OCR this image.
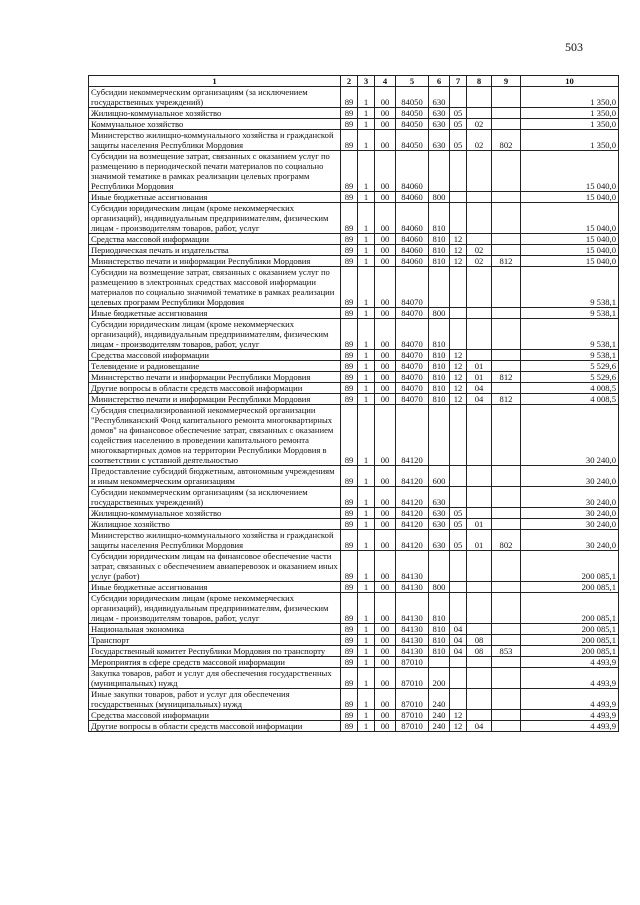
503
1	2	3	4	5	6	7	8	9	10
Субсидии некоммерческим организациям (за исключением государственных учреждений)	89	1	00	84050	630				1 350,0
Жилищно-коммунальное хозяйство	89	1	00	84050	630	05			1 350,0
Коммунальное хозяйство	89	1	00	84050	630	05	02		1 350,0
Министерство жилищно-коммунального хозяйства и гражданской защиты населения Республики Мордовия	89	1	00	84050	630	05	02	802	1 350,0
Субсидии на возмещение затрат, связанных с оказанием услуг по размещению в периодической печати материалов по социально значимой тематике в рамках реализации целевых программ Республики Мордовия	89	1	00	84060					15 040,0
Иные бюджетные ассигнования	89	1	00	84060	800				15 040,0
Субсидии юридическим лицам (кроме некоммерческих организаций), индивидуальным предпринимателям, физическим лицам - производителям товаров, работ, услуг	89	1	00	84060	810				15 040,0
Средства массовой информации	89	1	00	84060	810	12			15 040,0
Периодическая печать и издательства	89	1	00	84060	810	12	02		15 040,0
Министерство печати и информации Республики Мордовия	89	1	00	84060	810	12	02	812	15 040,0
Субсидии на возмещение затрат, связанных с оказанием услуг по размещению в электронных средствах массовой информации материалов по социально значимой тематике в рамках реализации целевых программ Республики Мордовия	89	1	00	84070					9 538,1
Иные бюджетные ассигнования	89	1	00	84070	800				9 538,1
Субсидии юридическим лицам (кроме некоммерческих организаций), индивидуальным предпринимателям, физическим лицам - производителям товаров, работ, услуг	89	1	00	84070	810				9 538,1
Средства массовой информации	89	1	00	84070	810	12			9 538,1
Телевидение и радиовещание	89	1	00	84070	810	12	01		5 529,6
Министерство печати и информации Республики Мордовия	89	1	00	84070	810	12	01	812	5 529,6
Другие вопросы в области средств массовой информации	89	1	00	84070	810	12	04		4 008,5
Министерство печати и информации Республики Мордовия	89	1	00	84070	810	12	04	812	4 008,5
Субсидия специализированной некоммерческой организации "Республиканский Фонд капитального ремонта многоквартирных домов" на финансовое обеспечение затрат, связанных с оказанием содействия населению в проведении капитального ремонта многоквартирных домов на территории Республики Мордовия в соответствии с уставной деятельностью	89	1	00	84120					30 240,0
Предоставление субсидий бюджетным, автономным учреждениям и иным некоммерческим организациям	89	1	00	84120	600				30 240,0
Субсидии некоммерческим организациям (за исключением государственных учреждений)	89	1	00	84120	630				30 240,0
Жилищно-коммунальное хозяйство	89	1	00	84120	630	05			30 240,0
Жилищное хозяйство	89	1	00	84120	630	05	01		30 240,0
Министерство жилищно-коммунального хозяйства и гражданской защиты населения Республики Мордовия	89	1	00	84120	630	05	01	802	30 240,0
Субсидии юридическим лицам на финансовое обеспечение части затрат, связанных с обеспечением авиаперевозок и оказанием иных услуг (работ)	89	1	00	84130					200 085,1
Иные бюджетные ассигнования	89	1	00	84130	800				200 085,1
Субсидии юридическим лицам (кроме некоммерческих организаций), индивидуальным предпринимателям, физическим лицам - производителям товаров, работ, услуг	89	1	00	84130	810				200 085,1
Национальная экономика	89	1	00	84130	810	04			200 085,1
Транспорт	89	1	00	84130	810	04	08		200 085,1
Государственный комитет Республики Мордовия по транспорту	89	1	00	84130	810	04	08	853	200 085,1
Мероприятия в сфере средств массовой информации	89	1	00	87010					4 493,9
Закупка товаров, работ и услуг для обеспечения государственных (муниципальных) нужд	89	1	00	87010	200				4 493,9
Иные закупки товаров, работ и услуг для обеспечения государственных (муниципальных) нужд	89	1	00	87010	240				4 493,9
Средства массовой информации	89	1	00	87010	240	12			4 493,9
Другие вопросы в области средств массовой информации	89	1	00	87010	240	12	04		4 493,9
